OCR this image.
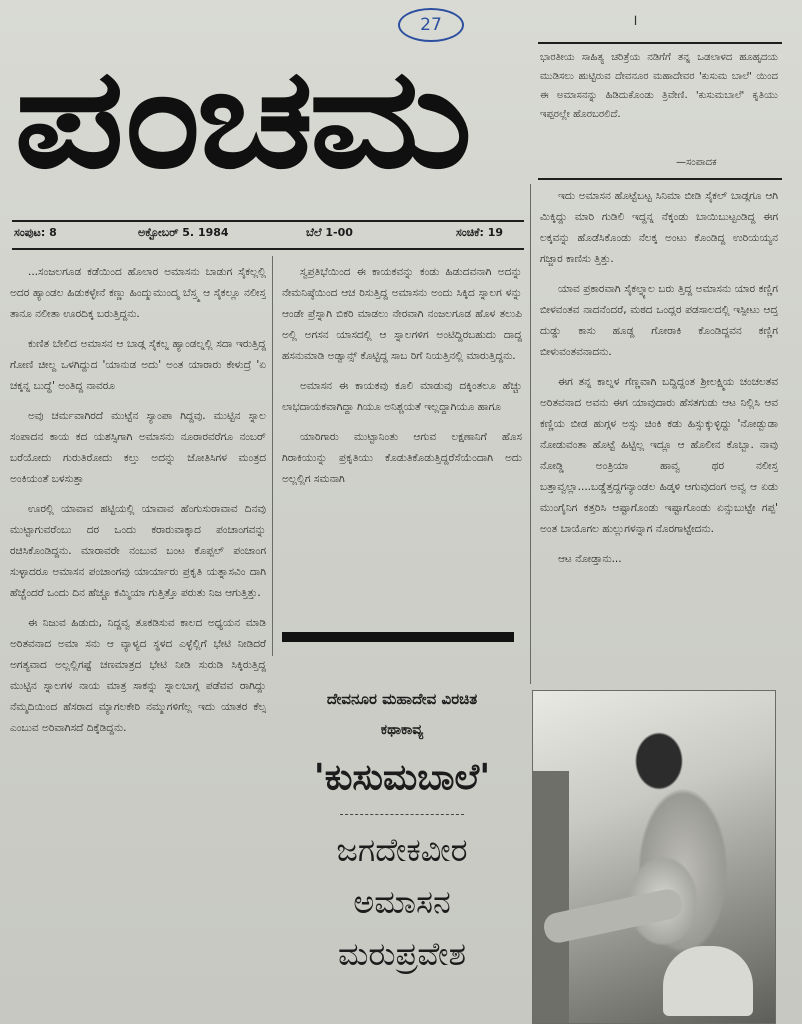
27	।
ಪಂಚಮ
ಸಂಪುಟ: 8	ಅಕ್ಟೋಬರ್ 5. 1984	ಬೆಲೆ 1-00	ಸಂಚಿಕೆ: 19
ಭಾರತೀಯ ಸಾಹಿತ್ಯ ಚರಿತ್ರೆಯ ನಡಿಗೆಗೆ ತನ್ನ ಒಡಲಾಳದ ಹೂಹೃದಯ ಮುಡಿಸಲು ಹುಟ್ಟಿರುವ ದೇವನೂರ ಮಹಾದೇವರ 'ಕುಸುಮ ಬಾಲೆ' ಯಿಂದ ಈ ಅಮಾಸನನ್ನು ಹಿಡಿದುಕೊಂಡು ತ್ರಿವೇಣಿ. 'ಕುಸುಮಬಾಲೆ' ಕೃತಿಯು ಇಪ್ಪರಲ್ಲೇ ಹೊರಬರಲಿದೆ.
—ಸಂಪಾದಕ

...ಸಂಜಲಗೂಡ ಕಡೆಯಿಂದ ಹೊಲಾರ ಅಮಾಸನು ಬಾಡುಗ ಸೈಕಲ್ಲಲ್ಲಿ ಅದರ ಹ್ಯಾಂಡಲ ಹಿಡುಕಳ್ಳೇನೆ ಕಣ್ಣು ಹಿಂದ್ಮುಮುಂದ್ಮ ಬೆಸ್ತ್ಮ ಆ ಸೈಕಲ್ಲೂ ನಲೀಸ್ತ ತಾನೂ ನಲೀತಾ ಊರದಿಕ್ಕ ಬರುತ್ತಿದ್ದನು.

ಕುಣಿತ ಬೇಲಿದ ಅಮಾಸನ ಆ ಬಾಡ್ಗ ಸೈಕಲ್ನ ಹ್ಯಾಂಡಲ್ನಲ್ಲಿ ಸದಾ ಇರುತ್ತಿದ್ದ ಗೋಣಿ ಚೀಲ್ದ ಒಳಗಿದ್ದುದ 'ಯಾನುಡ ಅದು' ಅಂತ ಯಾರಾರು ಕೇಳುದ್ರೆ 'ಏ ಚಕ್ಕನ್ನ ಬುದ್ಧೆ' ಅಂತಿದ್ದ ನಾವರೂ

ಅವು ಚರ್ಮವಾಗಿರದೆ ಮುಟ್ಟೆನ ಸ್ಯಾಂಪಾ ಗಿದ್ದವು. ಮುಟ್ಟಿನ ಸ್ನಾಲ ಸಂಪಾದನ ಕಾಯ ಕದ ಯಶಸ್ಸಿಗಾಗಿ ಅಮಾಸನು ನೂರಾರವರೆಗೂ ನಂಬರ್ ಬರೆಯೋದು ಗುರುತಿರೋದು ಕಲ್ತು ಅದನ್ನು ಜೋತಿಸಿಗಳ ಮಂತ್ರದ ಅಂಕಿಯಂತೆ ಬಳಸುತ್ತಾ

ಊರಲ್ಲಿ ಯಾವಾವ ಹಟ್ಟಿಯಲ್ಲಿ ಯಾವಾವ ಹೆಂಗುಸುರಾವಾವ ದಿನವು ಮುಟ್ಟಾಗುವರೆಂಬು ದರ ಒಂದು ಕರಾರುವಾಕ್ಕಾದ ಪಂಚಾಂಗವನ್ನು ರಚಿಸಿಕೊಂಡಿದ್ದನು. ಮಾರಾವರೇ ನಂಬುವ ಬಂಟ ಕೊಪ್ಪಲ್ ಪಂಚಾಂಗ ಸುಳ್ಳಾದರೂ ಅಮಾಸನ ಪಂಚಾಂಗವು ಯಾರ್ಯಾರು ಪ್ರಕೃತಿ ಯತ್ನಾಸವಿಂ ದಾಗಿ ಹೆಚ್ಚೆಂದರೆ ಒಂದು ದಿನ ಹೆಚ್ಚೂ ಕಮ್ಮಿಯಾ ಗುತ್ತಿತ್ತೊ ಪರುತು ನಿಜ ಆಗುತ್ತಿತ್ತು.

ಈ ನಿಜುವ ಹಿಡುದು, ನಿದ್ದವ್ವ ತೂಕಡಿಸುವ ಕಾಲದ ಅಧ್ಯಯನ ಮಾಡಿ ಅರಿತವನಾದ ಅಮಾ ಸನು ಆ ವ್ಯಾಳ್ಯದ ಸ್ಥಳದ ಎಳ್ಳೆಲ್ಲಿಗೆ ಭೇಟಿ ನೀಡಿದರೆ ಅಗತ್ಯವಾದ ಅಲ್ಲಲ್ಲಿಗಷ್ಟೆ ಚಣಮಾತ್ರದ ಭೇಟಿ ನೀಡಿ ಸುರುಡಿ ಸಿಕ್ಕಿರುತ್ತಿದ್ದ ಮುಟ್ಟಿನ ಸ್ನಾಲಗಳ ನಾಯ ಮಾತ್ರ ಸಾಕನ್ನು ಸ್ನಾಲಬಾಗ್ಗ ಪಡೆವವ ರಾಗಿದ್ದು ನೆಮ್ಮದಿಯಿಂದ ಹೆಸರಾದ ಮ್ಯಾಗಲಕೇರಿ ನಮ್ಮುಗಳಿಗೆಲ್ಲ ಇದು ಯಾತರ ಕೆಲ್ಸ ಎಂಬುವ ಅರಿವಾಗಿಸದೆ ದಿಕ್ಕೆಡಿದ್ದನು.

ಸ್ವಪ್ರತಿಭೆಯಿಂದ ಈ ಕಾಯಕವನ್ನು ಕಂಡು ಹಿಡುದವನಾಗಿ ಅದನ್ನು ನೇಮನಿಷ್ಠೆಯಿಂದ ಆಚ ರಿಸುತ್ತಿದ್ದ ಅಮಾಸನು ಅಂದು ಸಿಕ್ಕಿದ ಸ್ನಾಲಗ ಳನ್ನು ಆಂಡೇ ಪ್ರೆಸ್ನಾಗಿ ಬಿಕರಿ ಮಾಡಲು ನೇರವಾಗಿ ನಂಜಲಗೂಡ ಹೊಳ ತಲುಪಿ ಅಲ್ಲಿ ಅಗಸನ ಯಾಸದಲ್ಲಿ ಆ ಸ್ನಾಲಗಳಿಗ ಅಂಟಿದ್ದಿರಬಹುದು ದಾದ್ದ ಹಸನುಮಾಡಿ ಅಡ್ವಾನ್ಸ್ ಕೊಟ್ಟಿದ್ದ ಸಾಬ ರಿಗೆ ನಿಯತ್ತಿನಲ್ಲಿ ಮಾರುತ್ತಿದ್ದನು.

ಅಮಾಸನ ಈ ಕಾಯಕವು ಕೂಲಿ ಮಾಡುವು ದಕ್ಕಿಂತಲೂ ಹೆಚ್ಚು ಲಾಭದಾಯಕವಾಗಿದ್ದಾ ಗಿಯೂ ಅನಿಶ್ಚಯತೆ ಇಲ್ಲದ್ದಾಗಿಯೂ ಹಾಗೂ

ಯಾರಿಗಾರು ಮುಟ್ಟಾನಿಂತು ಆಗುವ ಲಕ್ಷಣಾನಿಗೆ ಹೊಸ ಗಿರಾಕಿಯುನ್ನು ಪ್ರಕೃತಿಯು ಕೊಡುತಿಕೊಡುತ್ತಿದ್ದರೆಸೆಯೆಂದಾಗಿ ಅದು ಅಲ್ಲಲ್ಲಿಗ ಸಮನಾಗಿ

ಇದು ಅಮಾಸನ ಹೊಟ್ಟೆಬಟ್ಟ ಸಿನಿಮಾ ಬೀಡಿ ಸೈಕಲ್ ಬಾಡ್ಗಗೂ ಆಗಿ ಮಿಕ್ಕಿದ್ದು ಮಾರಿ ಗುಡಿಲಿ ಇದ್ದನ್ನ ನೆಕ್ಕಂಡು ಬಾಯಿಬುಟ್ಟಂಡಿದ್ದ ಈಗ ಲಕ್ಕವನ್ನು ಹೊಡೆಸಿಕೊಂಡು ನೆಲಕ್ಕ ಅಂಟು ಕೊಂಡಿದ್ದ ಉರಿಯಯ್ಯನ ಗಜ್ಜಾರ ಕಾಣಿಸು ತ್ತಿತ್ತು.

ಯಾವ ಪ್ರಕಾರವಾಗಿ ಸೈಕಲ್ನ್ಯಾಲ ಬರು ತ್ತಿದ್ದ ಅಮಾಸನು ಯಾರ ಕಣ್ಣಿಗ ಬೀಳವಂತವ ನಾದನೆಂದರೆ, ಮಠದ ಒಂದ್ಲರ ಪಡಸಾಲದಲ್ಲಿ ಇಸ್ಪೀಟು ಆದ್ತ ದುಡ್ಡು ಕಾಸು ಹೂಡ್ದ ಗೋರಾಕಿ ಕೊಂಡಿದ್ದವನ ಕಣ್ಣಿಗ ಬೀಳುವಂತವನಾದನು.

ಈಗ ತನ್ನ ಕಾಲ್ನಳ ಗೆಣ್ಣವಾಗಿ ಬದ್ದಿದ್ದಂತ ಶ್ರೀಲಕ್ಷ್ಮಿಯ ಚಂಚಲತವ ಅರಿತವನಾದ ಅವನು ಈಗ ಯಾವುದಾರು ಹೆಸತಗುಡು ಆಟ ನಿಲ್ಲಿಸಿ ಆವ ಕಣ್ಣಿಯ ಬೀಡ ಹುಗ್ಗಳ ಅಸ್ಸು ಚಿಂಕಿ ಕಡು ಹಿಸ್ಸುಕ್ಕುಳ್ಳಿದ್ದು 'ನೋಡ್ಬುಡಾ ನೋಡುವಂತಾ ಹೊಟ್ಟೆ ಹಿಟ್ಟಿಲ್ಲ ಇದ್ಲೂ ಆ ಹೊಲೀನ ಕೊಬ್ಬಾ. ನಾವು ನೋಡ್ಡಿ ಅಂತ್ರಿಯಾ ಹಾವ್ವ ಥರ ನಲೀಸ್ತ ಬತ್ತಾವ್ವಲ್ಲಾ....ಬಡ್ಡೆತ್ತದ್ದಗನ್ಯಾಂಡಲ ಹಿಡ್ಕಳಿ ಆಗುವುದಂಗ ಅವ್ವ ಆ ಏಡು ಮುಂಗೈನಿಗ ಕತ್ತರಿಸಿ ಆಷ್ಟಾಗೊಂಡು ಇಷ್ಟಾಗೊಂಡು ಏನ್ಸುಬುಟ್ಟೇ ಗಪ್ಪ' ಅಂತ ಬಾಯೊಗಲ ಹುಲ್ಲುಗಳನ್ನಾಗ ನೊರಗಾಟ್ಟೇದನು.

ಆಟ ನೋಡ್ತಾನು...

ದೇವನೂರ ಮಹಾದೇವ ವಿರಚಿತ
ಕಥಾಕಾವ್ಯ
'ಕುಸುಮಬಾಲೆ'
ಜಗದೇಕವೀರ
ಅಮಾಸನ
ಮರುಪ್ರವೇಶ
